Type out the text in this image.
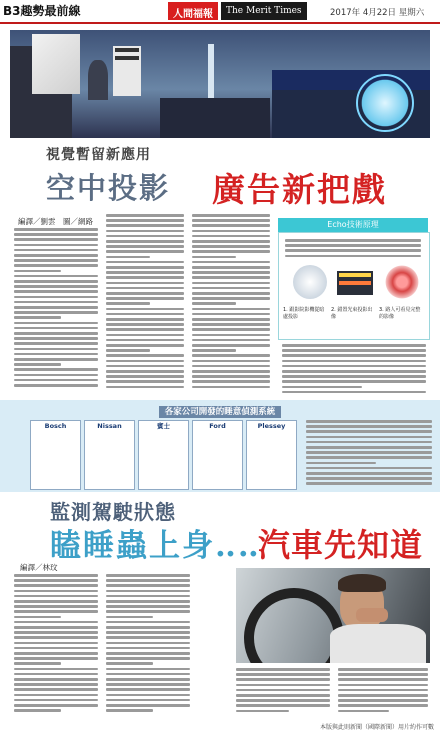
B3趣勢最前線	人間福報	The Merit Times	2017年 4月22日 星期六
視覺暫留新應用
空中投影 廣告新把戲
編譯／劉雲　圖／網路	Echo技術原理
1. 跟影院影機從暗處投影
2. 錯置光束投影出像
3. 路人可看見完整的影像
各家公司開發的睡意偵測系統
Bosch	Nissan	賓士	Ford	Plessey
監測駕駛狀態
瞌睡蟲上身‥‥
汽車先知道
編譯／林玟
本版與此則新聞（國際新聞）用片約作可數
